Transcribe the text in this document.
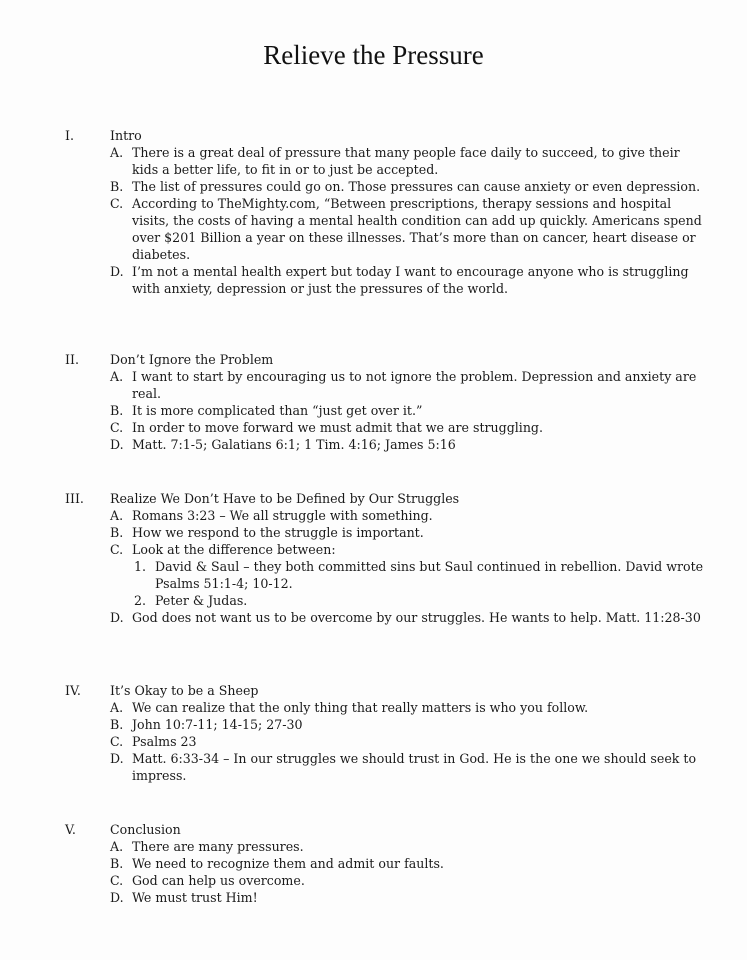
Relieve the Pressure
I.	Intro
A. There is a great deal of pressure that many people face daily to succeed, to give their kids a better life, to fit in or to just be accepted.
B. The list of pressures could go on. Those pressures can cause anxiety or even depression.
C. According to TheMighty.com, “Between prescriptions, therapy sessions and hospital visits, the costs of having a mental health condition can add up quickly. Americans spend over $201 Billion a year on these illnesses. That’s more than on cancer, heart disease or diabetes.
D. I’m not a mental health expert but today I want to encourage anyone who is struggling with anxiety, depression or just the pressures of the world.
II. Don’t Ignore the Problem
A. I want to start by encouraging us to not ignore the problem. Depression and anxiety are real.
B. It is more complicated than “just get over it.”
C. In order to move forward we must admit that we are struggling.
D. Matt. 7:1-5; Galatians 6:1; 1 Tim. 4:16; James 5:16
III. Realize We Don’t Have to be Defined by Our Struggles
A. Romans 3:23 – We all struggle with something.
B. How we respond to the struggle is important.
C. Look at the difference between:
1. David & Saul – they both committed sins but Saul continued in rebellion. David wrote Psalms 51:1-4; 10-12.
2. Peter & Judas.
D. God does not want us to be overcome by our struggles. He wants to help. Matt. 11:28-30
IV. It’s Okay to be a Sheep
A. We can realize that the only thing that really matters is who you follow.
B. John 10:7-11; 14-15; 27-30
C. Psalms 23
D. Matt. 6:33-34 – In our struggles we should trust in God. He is the one we should seek to impress.
V.	Conclusion
A. There are many pressures.
B. We need to recognize them and admit our faults.
C. God can help us overcome.
D. We must trust Him!
